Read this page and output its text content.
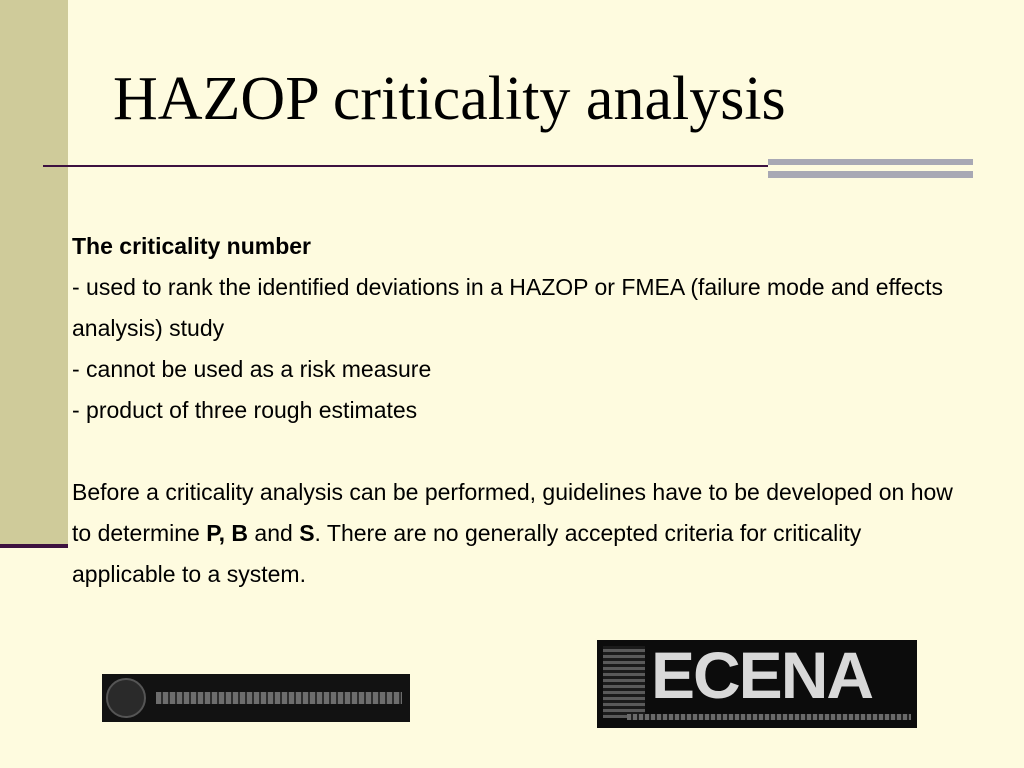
HAZOP criticality analysis

The criticality number

- used to rank the identified deviations in a HAZOP or FMEA (failure mode and effects analysis) study

- cannot be used as a risk measure

- product of three rough estimates

Before a criticality analysis can be performed, guidelines have to be developed on how to determine P, B and S. There are no generally accepted criteria for criticality applicable to a system.

ECENA
